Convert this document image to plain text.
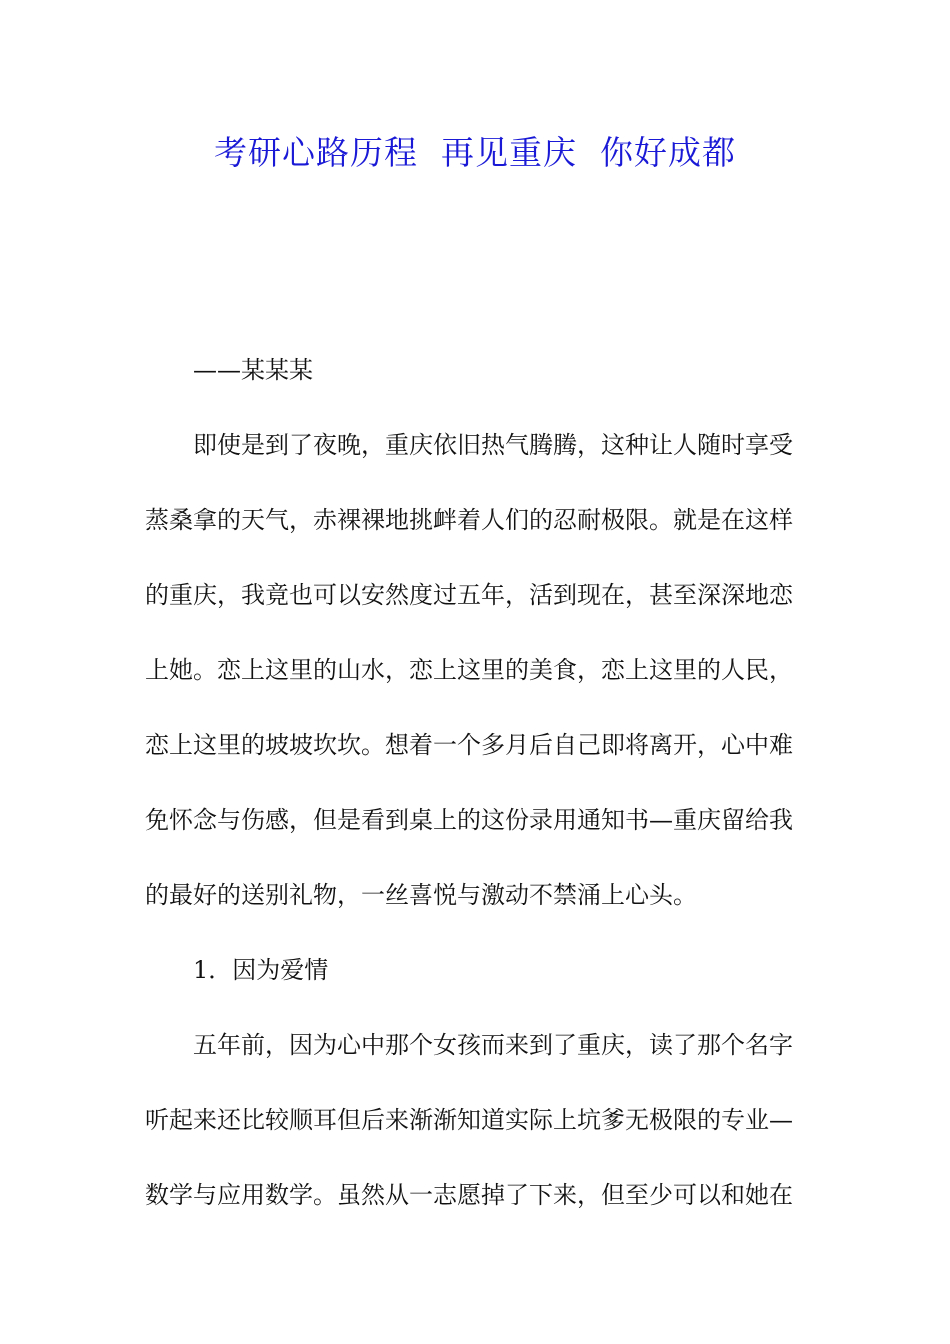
考研心路历程  再见重庆  你好成都
——某某某
即使是到了夜晚，重庆依旧热气腾腾，这种让人随时享受
蒸桑拿的天气，赤裸裸地挑衅着人们的忍耐极限。就是在这样
的重庆，我竟也可以安然度过五年，活到现在，甚至深深地恋
上她。恋上这里的山水，恋上这里的美食，恋上这里的人民，
恋上这里的坡坡坎坎。想着一个多月后自己即将离开，心中难
免怀念与伤感，但是看到桌上的这份录用通知书—重庆留给我
的最好的送别礼物，一丝喜悦与激动不禁涌上心头。
1．因为爱情
五年前，因为心中那个女孩而来到了重庆，读了那个名字
听起来还比较顺耳但后来渐渐知道实际上坑爹无极限的专业—
数学与应用数学。虽然从一志愿掉了下来，但至少可以和她在
